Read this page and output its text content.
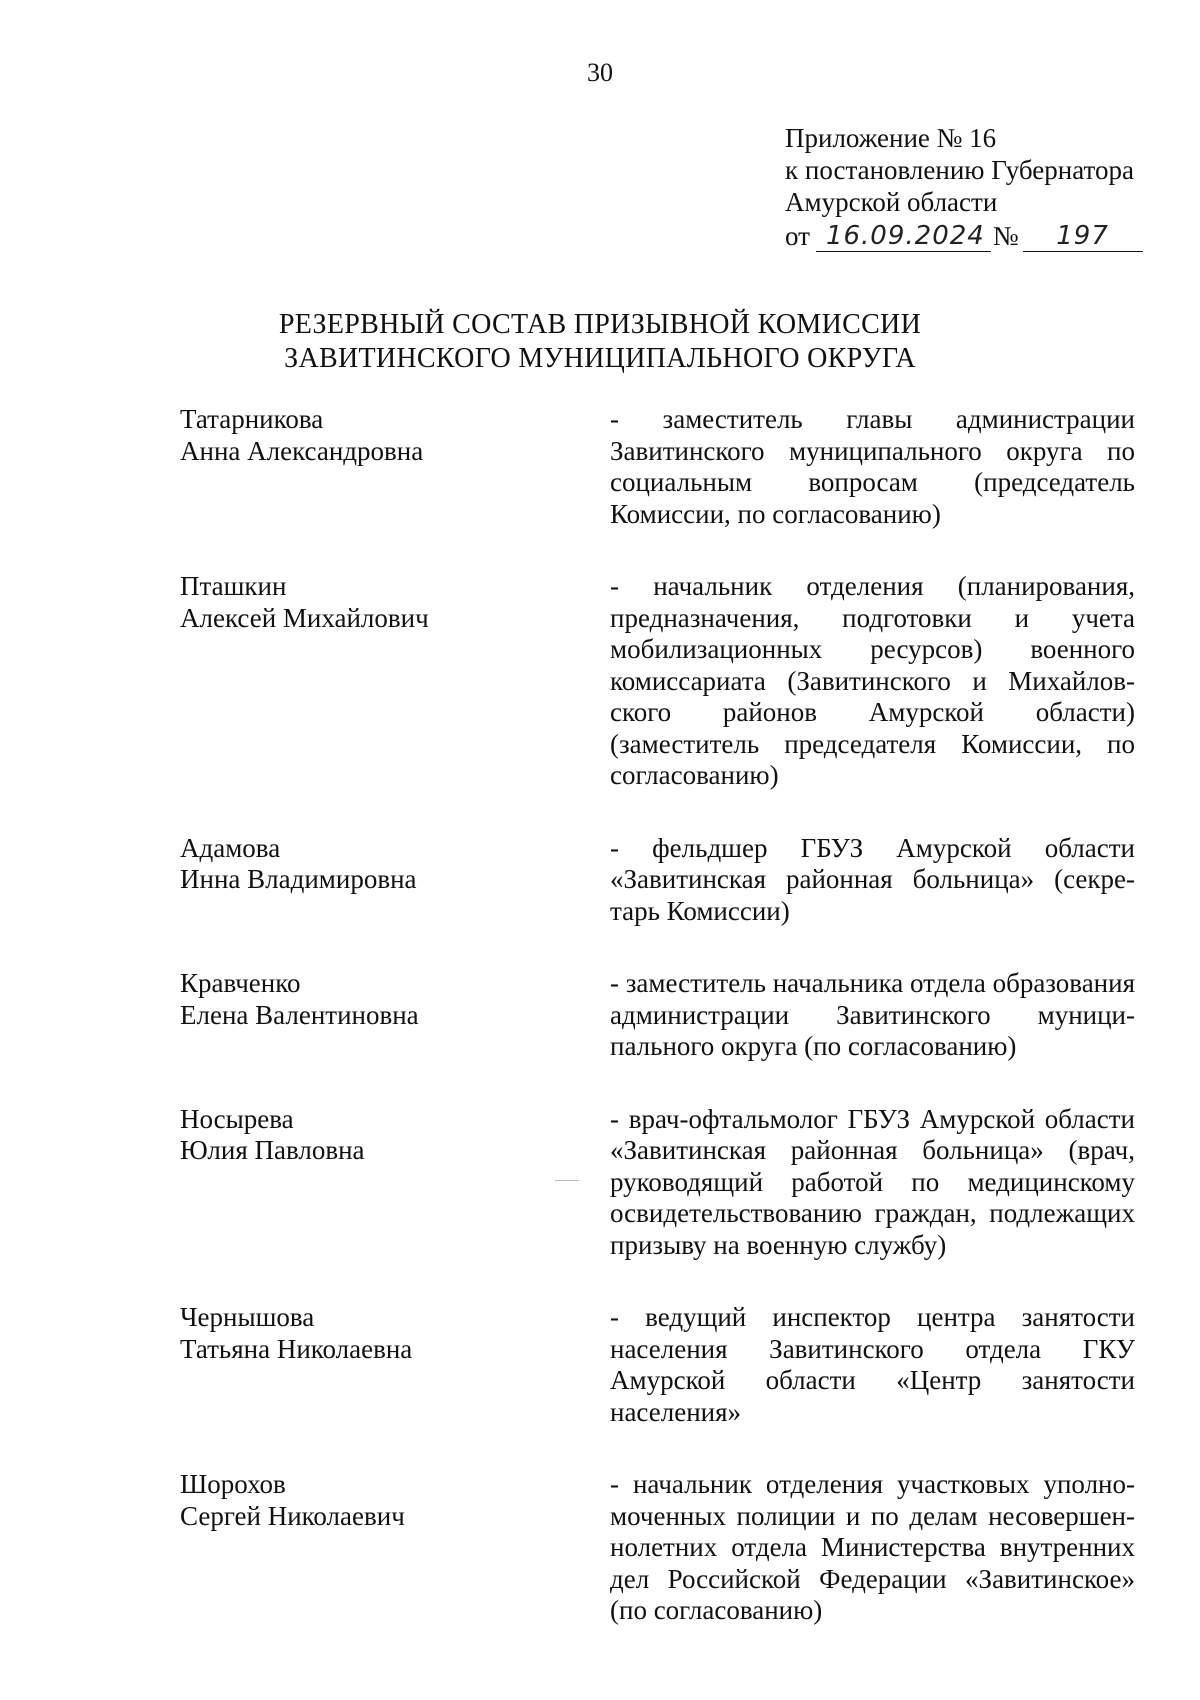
30
Приложение № 16
к постановлению Губернатора
Амурской области
от 16.09.2024 №	197
РЕЗЕРВНЫЙ СОСТАВ ПРИЗЫВНОЙ КОМИССИИ
ЗАВИТИНСКОГО МУНИЦИПАЛЬНОГО ОКРУГА
Татарникова
Анна Александровна
- заместитель главы администрации Завитинского муниципального округа по социальным вопросам (председатель Комиссии, по согласованию)
Пташкин
Алексей Михайлович
- начальник отделения (планирования, предназначения, подготовки и учета мобилизационных ресурсов) военного комиссариата (Завитинского и Михайловского районов Амурской области) (заместитель председателя Комиссии, по согласованию)
Адамова
Инна Владимировна
- фельдшер ГБУЗ Амурской области «Завитинская районная больница» (секретарь Комиссии)
Кравченко
Елена Валентиновна
- заместитель начальника отдела образования администрации Завитинского муниципального округа (по согласованию)
Носырева
Юлия Павловна
- врач-офтальмолог ГБУЗ Амурской области «Завитинская районная больница» (врач, руководящий работой по медицинскому освидетельствованию граждан, подлежащих призыву на военную службу)
Чернышова
Татьяна Николаевна
- ведущий инспектор центра занятости населения Завитинского отдела ГКУ Амурской области «Центр занятости населения»
Шорохов
Сергей Николаевич
- начальник отделения участковых уполномоченных полиции и по делам несовершеннолетних отдела Министерства внутренних дел Российской Федерации «Завитинское» (по согласованию)
